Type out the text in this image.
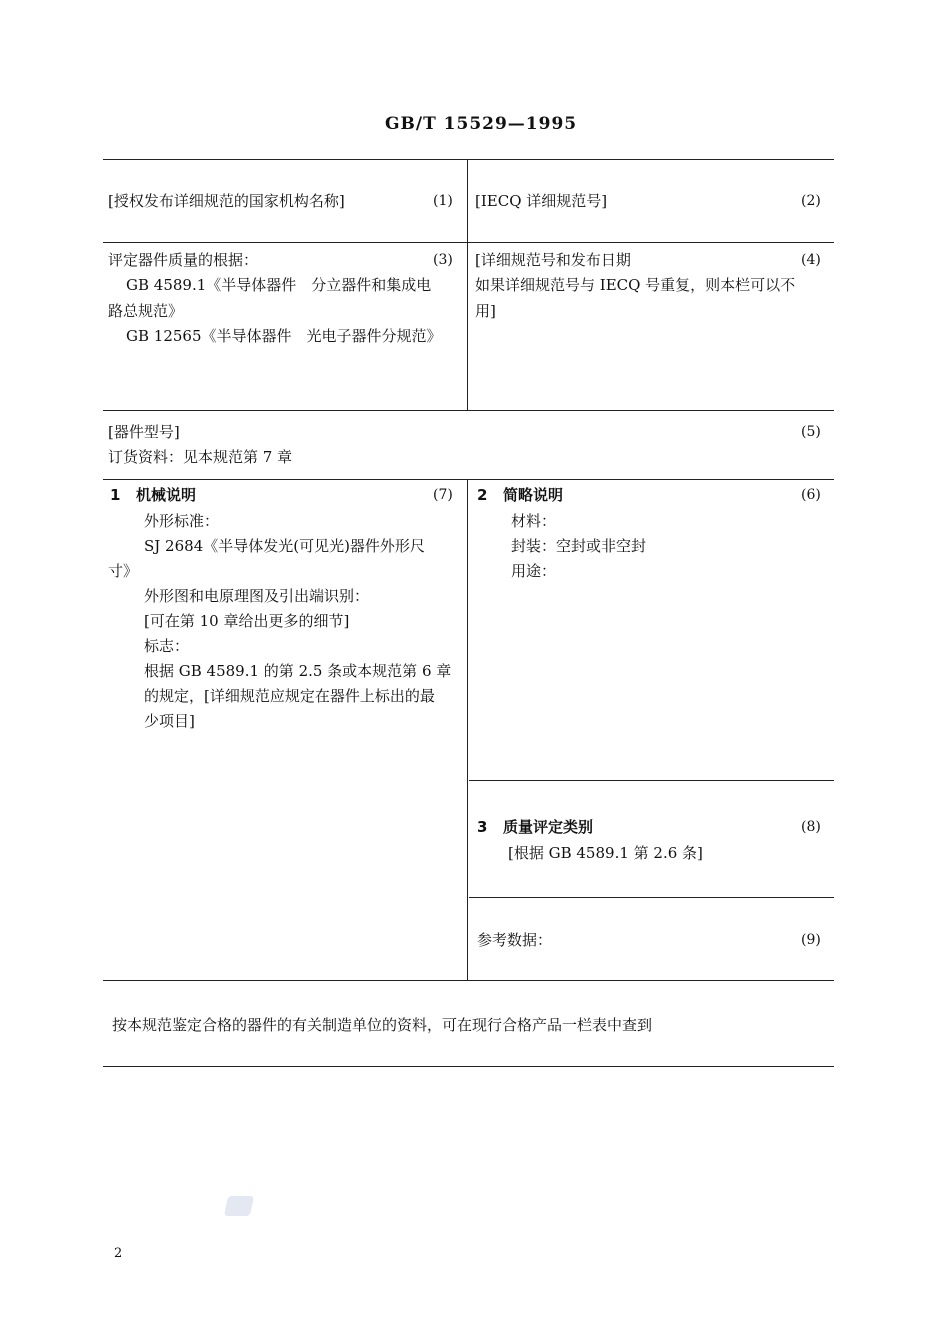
GB/T 15529—1995
[授权发布详细规范的国家机构名称]	(1) [IECQ 详细规范号]	(2)
评定器件质量的根据：	(3)
GB 4589.1《半导体器件　分立器件和集成电
路总规范》
GB 12565《半导体器件　光电子器件分规范》
[详细规范号和发布日期	(4)
如果详细规范号与 IECQ 号重复，则本栏可以不
用]
[器件型号]	(5)
订货资料：见本规范第 7 章
1 机械说明	(7)
外形标准：
SJ 2684《半导体发光(可见光)器件外形尺
寸》
外形图和电原理图及引出端识别：
[可在第 10 章给出更多的细节]
标志：
根据 GB 4589.1 的第 2.5 条或本规范第 6 章
的规定，[详细规范应规定在器件上标出的最
少项目]
2 简略说明	(6)
材料：
封装：空封或非空封
用途：
3 质量评定类别	(8)
[根据 GB 4589.1 第 2.6 条]
参考数据：	(9)
按本规范鉴定合格的器件的有关制造单位的资料，可在现行合格产品一栏表中查到
2
